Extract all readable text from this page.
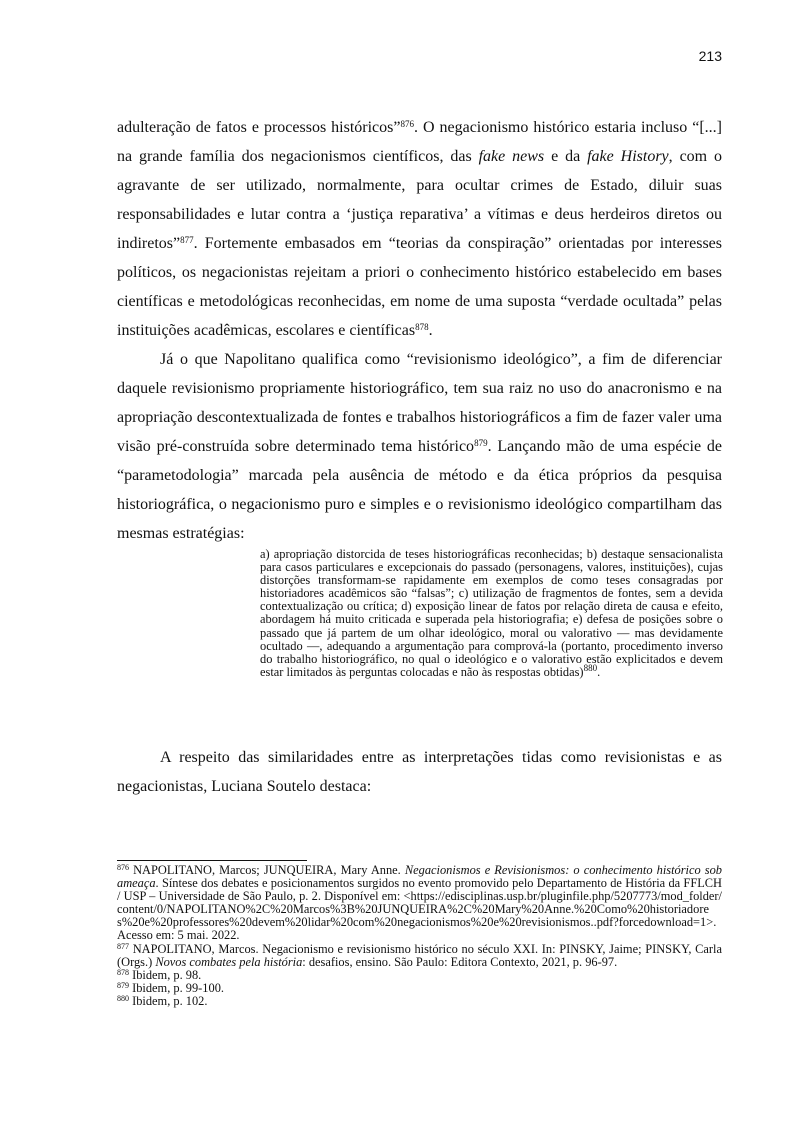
213

adulteração de fatos e processos históricos”$^{876}$. O negacionismo histórico estaria incluso “[...] na grande família dos negacionismos científicos, das fake news e da fake History, com o agravante de ser utilizado, normalmente, para ocultar crimes de Estado, diluir suas responsabilidades e lutar contra a ‘justiça reparativa’ a vítimas e deus herdeiros diretos ou indiretos”$^{877}$. Fortemente embasados em “teorias da conspiração” orientadas por interesses políticos, os negacionistas rejeitam a priori o conhecimento histórico estabelecido em bases científicas e metodológicas reconhecidas, em nome de uma suposta “verdade ocultada” pelas instituições acadêmicas, escolares e científicas$^{878}$.

Já o que Napolitano qualifica como “revisionismo ideológico”, a fim de diferenciar daquele revisionismo propriamente historiográfico, tem sua raiz no uso do anacronismo e na apropriação descontextualizada de fontes e trabalhos historiográficos a fim de fazer valer uma visão pré-construída sobre determinado tema histórico$^{879}$. Lançando mão de uma espécie de “parametodologia” marcada pela ausência de método e da ética próprios da pesquisa historiográfica, o negacionismo puro e simples e o revisionismo ideológico compartilham das mesmas estratégias:

a) apropriação distorcida de teses historiográficas reconhecidas; b) destaque sensacionalista para casos particulares e excepcionais do passado (personagens, valores, instituições), cujas distorções transformam-se rapidamente em exemplos de como teses consagradas por historiadores acadêmicos são “falsas”; c) utilização de fragmentos de fontes, sem a devida contextualização ou crítica; d) exposição linear de fatos por relação direta de causa e efeito, abordagem há muito criticada e superada pela historiografia; e) defesa de posições sobre o passado que já partem de um olhar ideológico, moral ou valorativo — mas devidamente ocultado —, adequando a argumentação para comprová-la (portanto, procedimento inverso do trabalho historiográfico, no qual o ideológico e o valorativo estão explicitados e devem estar limitados às perguntas colocadas e não às respostas obtidas)$^{880}$.

A respeito das similaridades entre as interpretações tidas como revisionistas e as negacionistas, Luciana Soutelo destaca:

$^{876}$ NAPOLITANO, Marcos; JUNQUEIRA, Mary Anne. Negacionismos e Revisionismos: o conhecimento histórico sob ameaça. Síntese dos debates e posicionamentos surgidos no evento promovido pelo Departamento de História da FFLCH / USP – Universidade de São Paulo, p. 2. Disponível em: <https://edisciplinas.usp.br/pluginfile.php/5207773/mod_folder/content/0/NAPOLITANO%2C%20Marcos%3B%20JUNQUEIRA%2C%20Mary%20Anne.%20Como%20historiadores%20e%20professores%20devem%20lidar%20com%20negacionismos%20e%20revisionismos..pdf?forcedownload=1>. Acesso em: 5 mai. 2022.

$^{877}$ NAPOLITANO, Marcos. Negacionismo e revisionismo histórico no século XXI. In: PINSKY, Jaime; PINSKY, Carla (Orgs.) Novos combates pela história: desafios, ensino. São Paulo: Editora Contexto, 2021, p. 96-97.

$^{878}$ Ibidem, p. 98.

$^{879}$ Ibidem, p. 99-100.

$^{880}$ Ibidem, p. 102.
